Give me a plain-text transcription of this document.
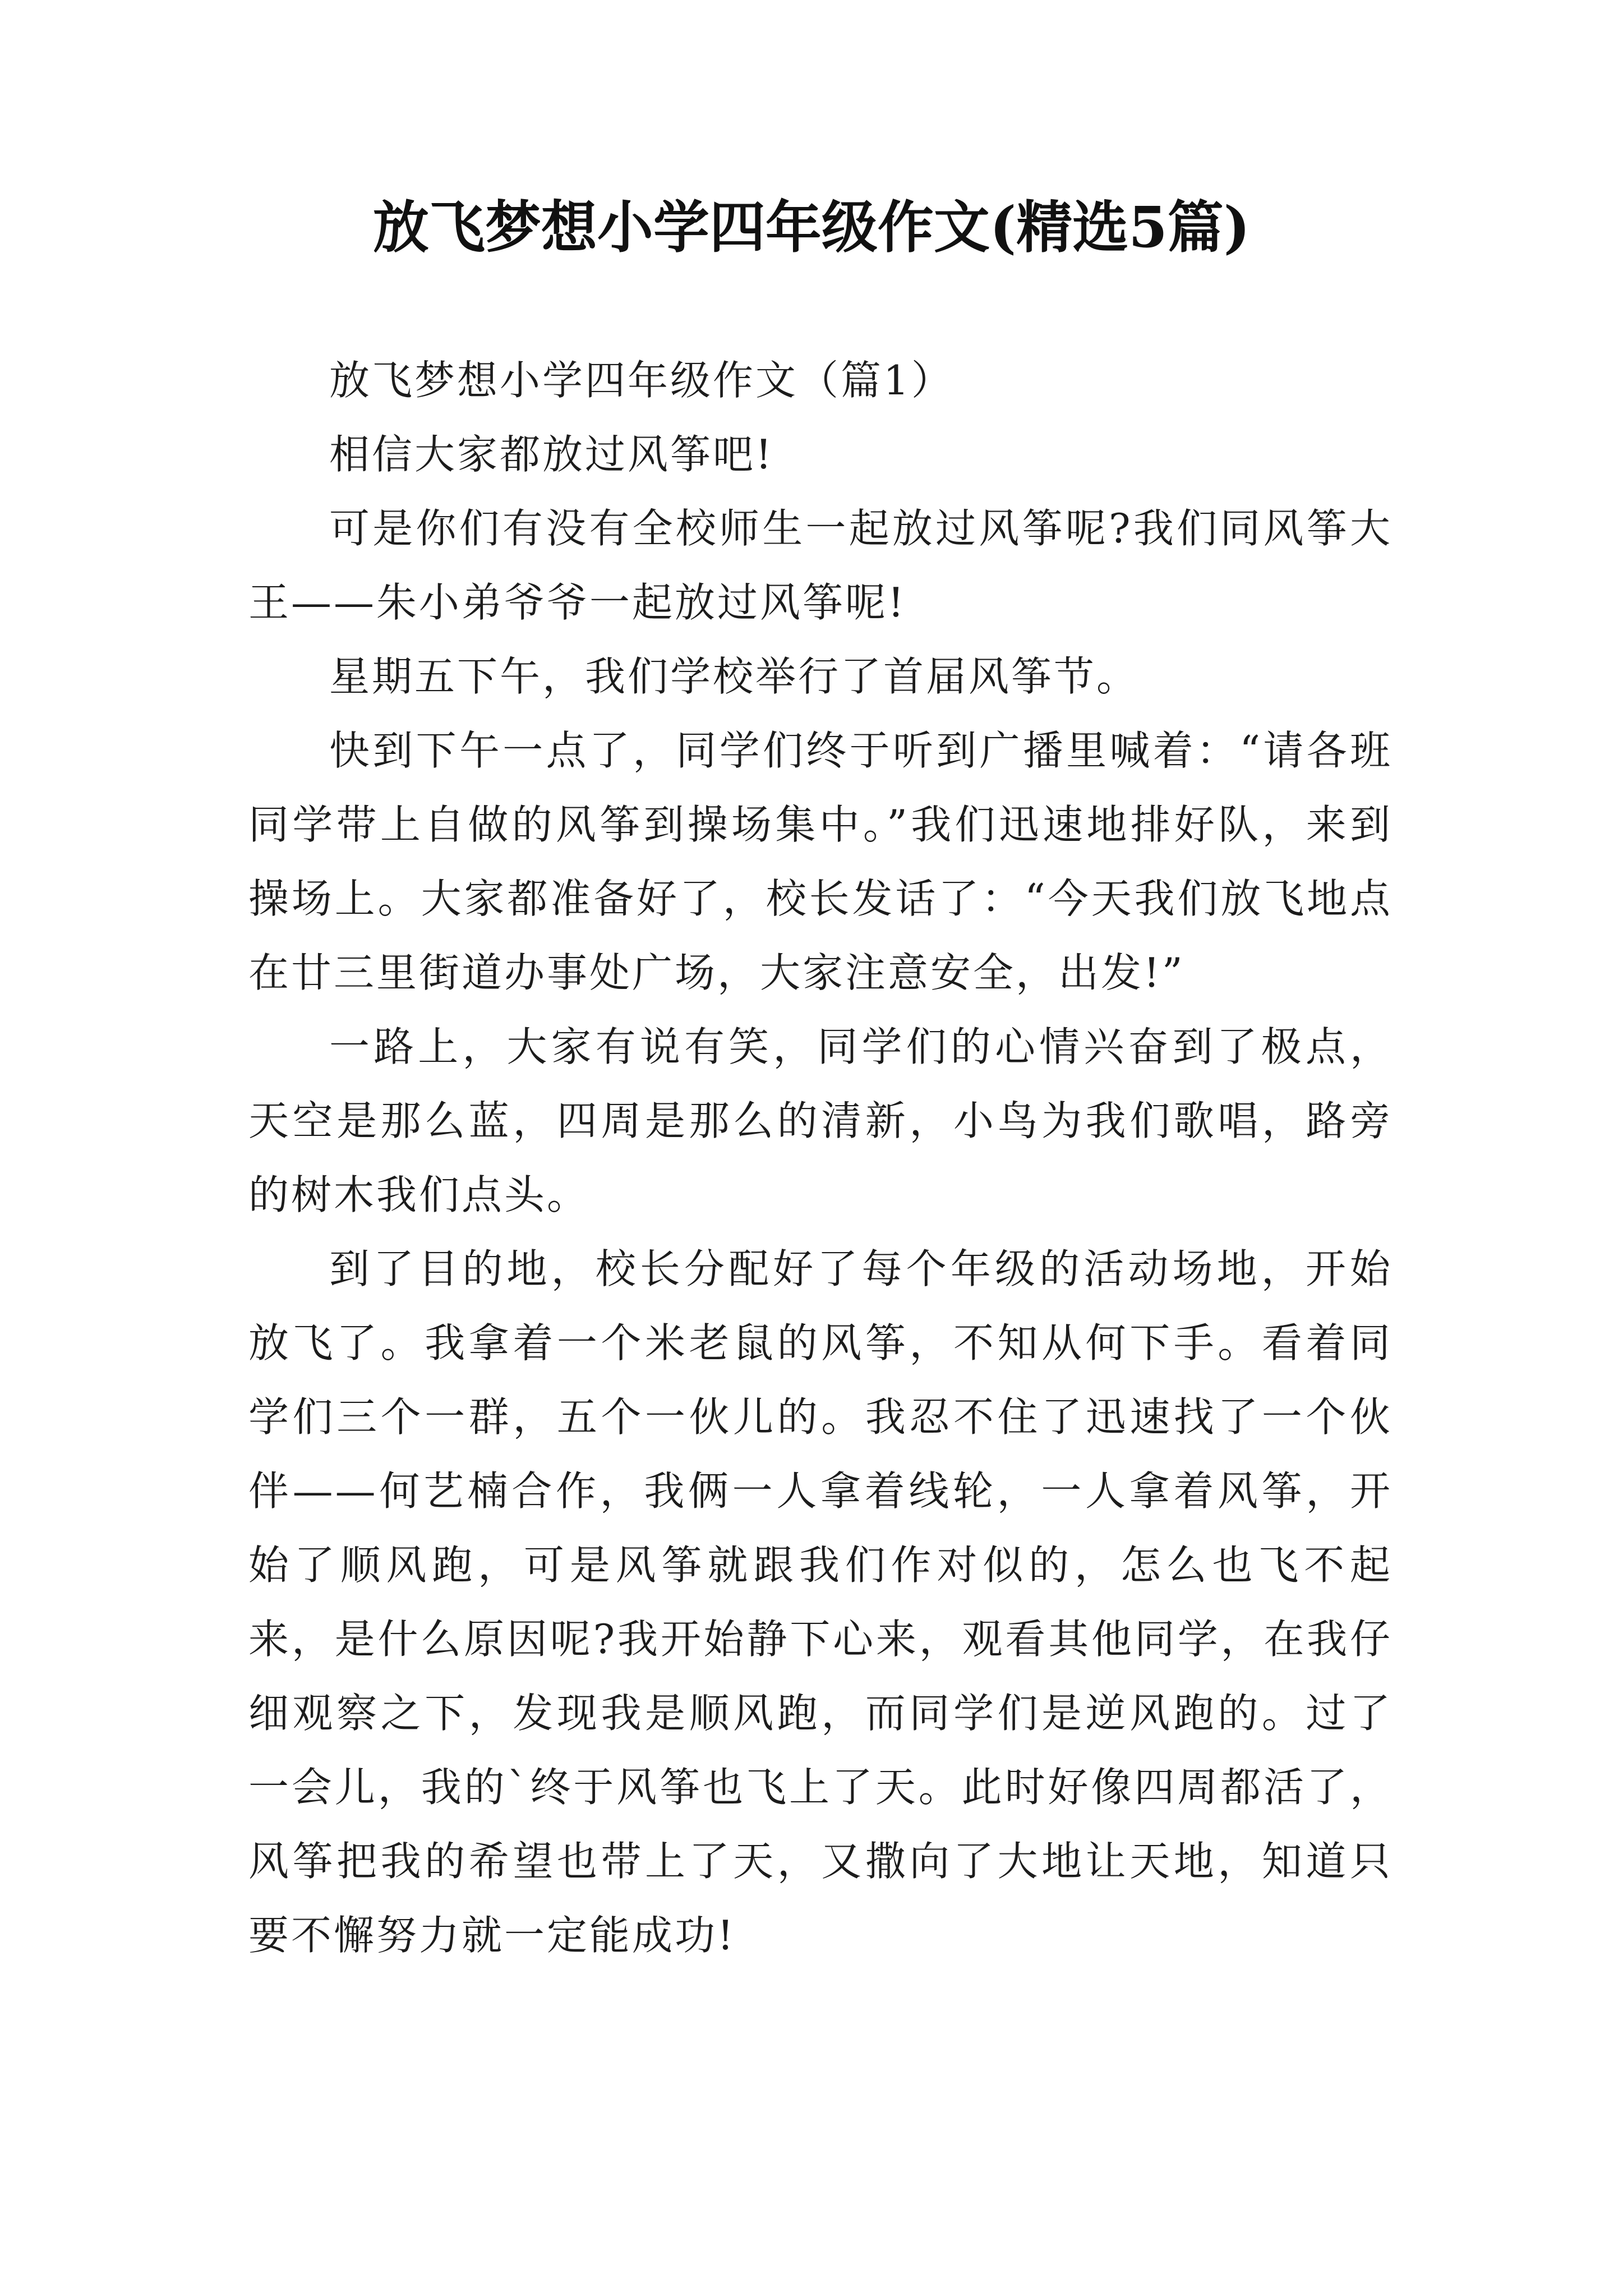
放飞梦想小学四年级作文(精选5篇)

放飞梦想小学四年级作文（篇1）

相信大家都放过风筝吧!

可是你们有没有全校师生一起放过风筝呢?我们同风筝大王——朱小弟爷爷一起放过风筝呢!

星期五下午，我们学校举行了首届风筝节。

快到下午一点了，同学们终于听到广播里喊着：“请各班同学带上自做的风筝到操场集中。”我们迅速地排好队，来到操场上。大家都准备好了，校长发话了：“今天我们放飞地点在廿三里街道办事处广场，大家注意安全，出发!”

一路上，大家有说有笑，同学们的心情兴奋到了极点，天空是那么蓝，四周是那么的清新，小鸟为我们歌唱，路旁的树木我们点头。

到了目的地，校长分配好了每个年级的活动场地，开始放飞了。我拿着一个米老鼠的风筝，不知从何下手。看着同学们三个一群，五个一伙儿的。我忍不住了迅速找了一个伙伴——何艺楠合作，我俩一人拿着线轮，一人拿着风筝，开始了顺风跑，可是风筝就跟我们作对似的，怎么也飞不起来，是什么原因呢?我开始静下心来，观看其他同学，在我仔细观察之下，发现我是顺风跑，而同学们是逆风跑的。过了一会儿，我的`终于风筝也飞上了天。此时好像四周都活了，风筝把我的希望也带上了天，又撒向了大地让天地，知道只要不懈努力就一定能成功!
